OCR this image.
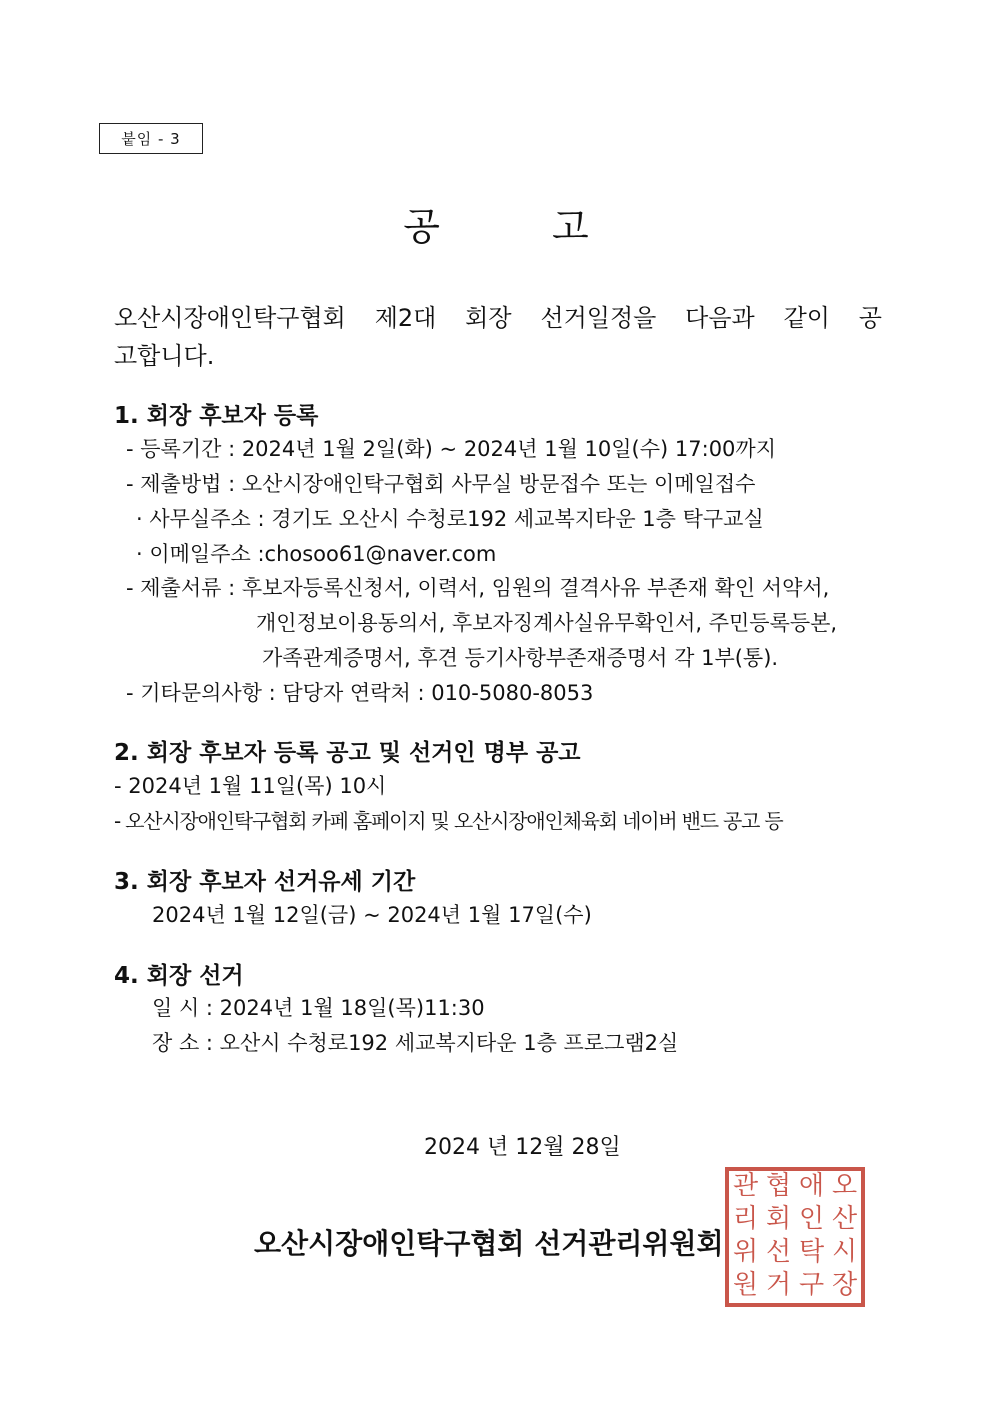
붙임 - 3
공 고
오산시장애인탁구협회 제2대 회장 선거일정을 다음과 같이 공
고합니다.
1. 회장 후보자 등록
- 등록기간 : 2024년 1월 2일(화) ~ 2024년 1월 10일(수) 17:00까지
- 제출방법 : 오산시장애인탁구협회 사무실 방문접수 또는 이메일접수
· 사무실주소 : 경기도 오산시 수청로192 세교복지타운 1층 탁구교실
· 이메일주소 :chosoo61@naver.com
- 제출서류 : 후보자등록신청서, 이력서, 임원의 결격사유 부존재 확인 서약서,
개인정보이용동의서, 후보자징계사실유무확인서, 주민등록등본,
가족관계증명서, 후견 등기사항부존재증명서 각 1부(통).
- 기타문의사항 : 담당자 연락처 : 010-5080-8053
2. 회장 후보자 등록 공고 및 선거인 명부 공고
- 2024년 1월 11일(목) 10시
- 오산시장애인탁구협회 카페 홈페이지 및 오산시장애인체육회 네이버 밴드 공고 등
3. 회장 후보자 선거유세 기간
2024년 1월 12일(금) ~ 2024년 1월 17일(수)
4. 회장 선거
일 시 : 2024년 1월 18일(목)11:30
장 소 : 오산시 수청로192 세교복지타운 1층 프로그램2실
2024 년 12월 28일
관 협 애 오
리 회 인 산
위 선 탁 시
원 거 구 장
오산시장애인탁구협회 선거관리위원회
